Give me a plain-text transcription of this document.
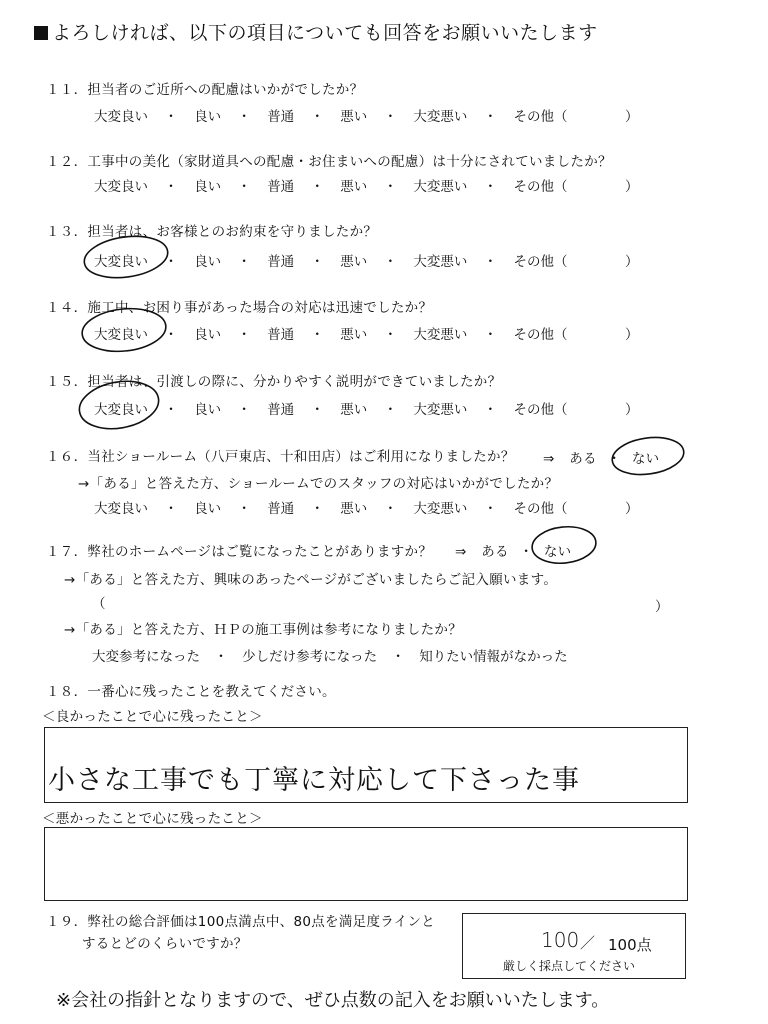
よろしければ、以下の項目についても回答をお願いいたします
１１．担当者のご近所への配慮はいかがでしたか？
大変良い ・ 良い ・ 普通 ・ 悪い ・ 大変悪い ・ その他（	）
１２．工事中の美化（家財道具への配慮・お住まいへの配慮）は十分にされていましたか？
大変良い ・ 良い ・ 普通 ・ 悪い ・ 大変悪い ・ その他（	）
１３．担当者は、お客様とのお約束を守りましたか？
大変良い ・ 良い ・ 普通 ・ 悪い ・ 大変悪い ・ その他（	）
１４．施工中、お困り事があった場合の対応は迅速でしたか？
大変良い ・ 良い ・ 普通 ・ 悪い ・ 大変悪い ・ その他（	）
１５．担当者は、引渡しの際に、分かりやすく説明ができていましたか？
大変良い ・ 良い ・ 普通 ・ 悪い ・ 大変悪い ・ その他（	）
１６．当社ショールーム（八戸東店、十和田店）はご利用になりましたか？ ⇒ ある ・ ない
→「ある」と答えた方、ショールームでのスタッフの対応はいかがでしたか？
大変良い ・ 良い ・ 普通 ・ 悪い ・ 大変悪い ・ その他（	）
１７．弊社のホームページはご覧になったことがありますか？ ⇒ ある ・ ない
→「ある」と答えた方、興味のあったページがございましたらご記入願います。
（	）
→「ある」と答えた方、ＨＰの施工事例は参考になりましたか？
大変参考になった ・ 少しだけ参考になった ・ 知りたい情報がなかった
１８．一番心に残ったことを教えてください。
＜良かったことで心に残ったこと＞
小さな工事でも丁寧に対応して下さった事
＜悪かったことで心に残ったこと＞
１９．弊社の総合評価は100点満点中、80点を満足度ラインと
するとどのくらいですか？	100 ／ 100点
厳しく採点してください
※会社の指針となりますので、ぜひ点数の記入をお願いいたします。
